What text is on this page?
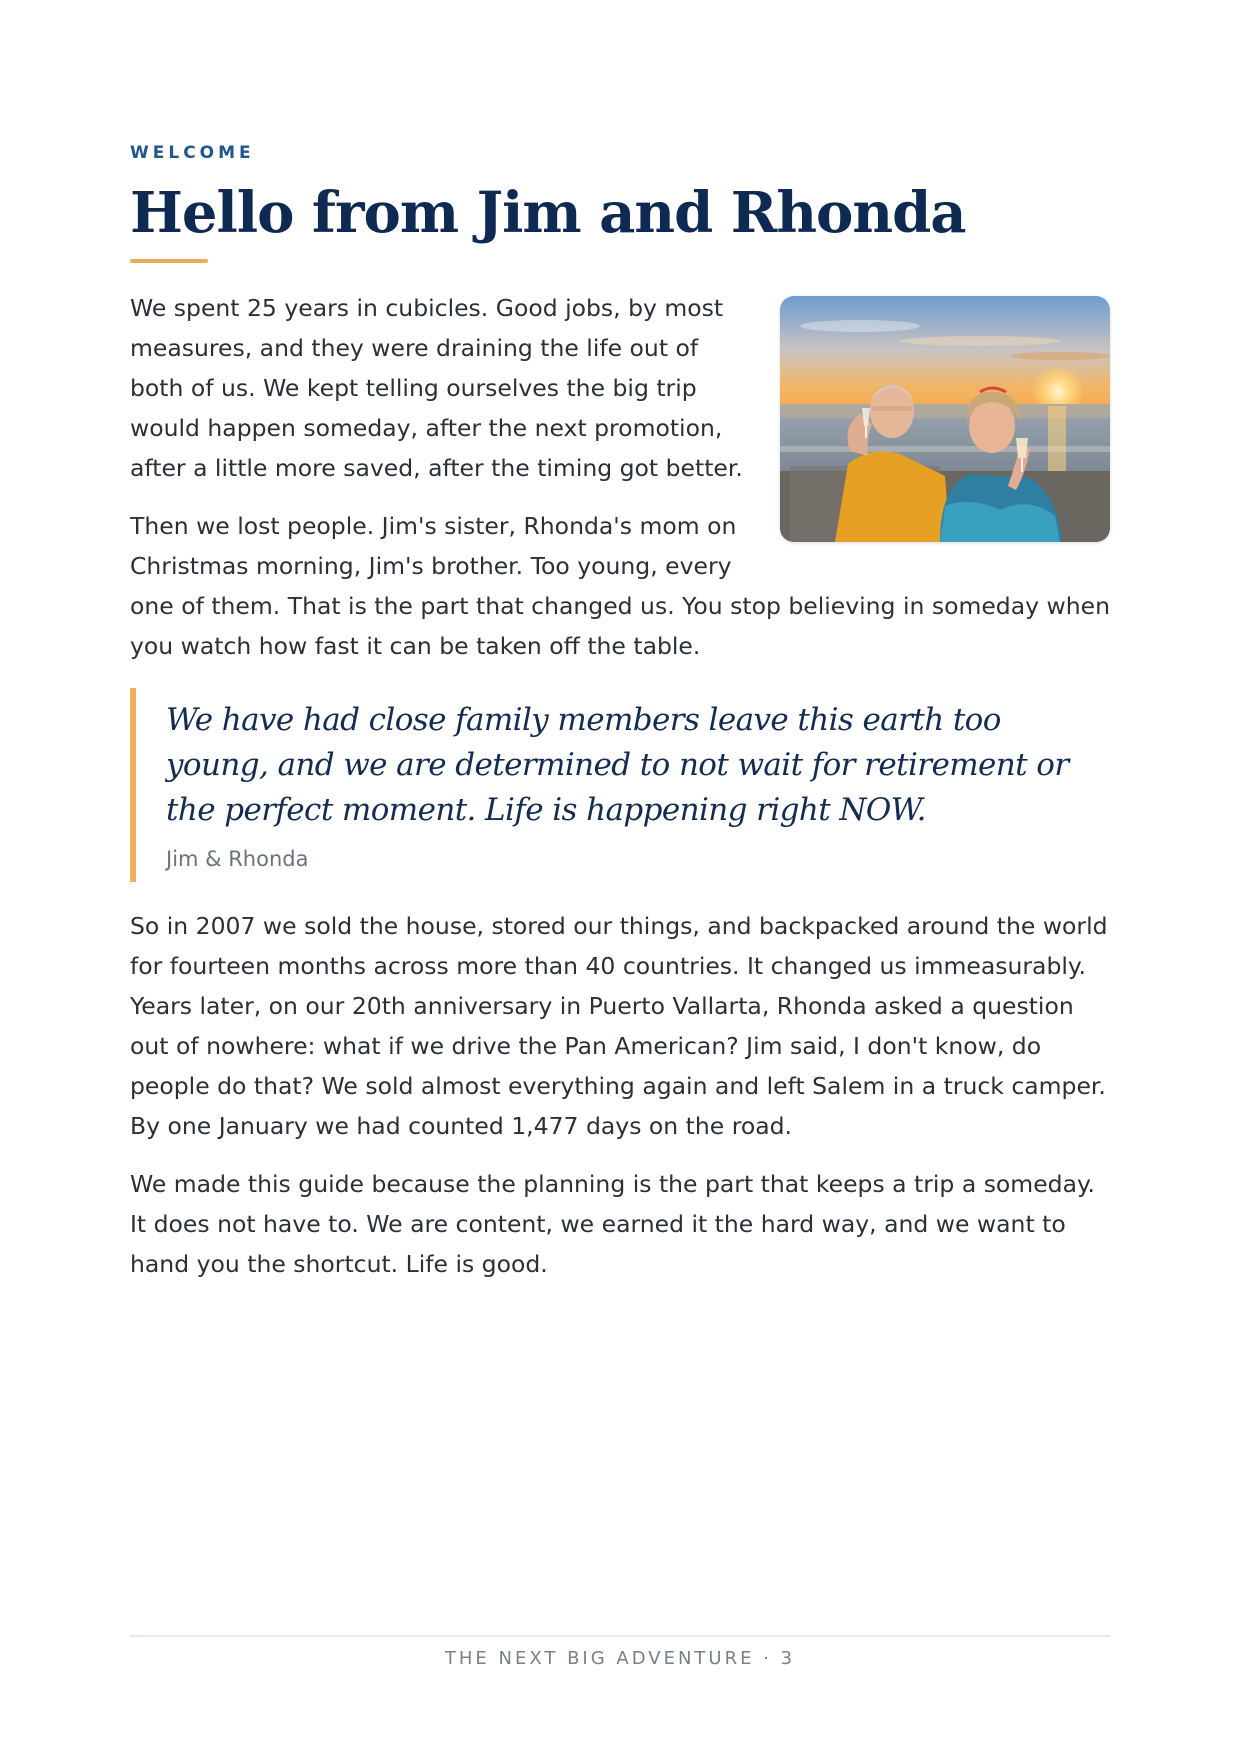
WELCOME
Hello from Jim and Rhonda

We spent 25 years in cubicles. Good jobs, by most measures, and they were draining the life out of both of us. We kept telling ourselves the big trip would happen someday, after the next promotion, after a little more saved, after the timing got better.

Then we lost people. Jim's sister, Rhonda's mom on Christmas morning, Jim's brother. Too young, every one of them. That is the part that changed us. You stop believing in someday when you watch how fast it can be taken off the table.

We have had close family members leave this earth too young, and we are determined to not wait for retirement or the perfect moment. Life is happening right NOW.

Jim & Rhonda

So in 2007 we sold the house, stored our things, and backpacked around the world for fourteen months across more than 40 countries. It changed us immeasurably. Years later, on our 20th anniversary in Puerto Vallarta, Rhonda asked a question out of nowhere: what if we drive the Pan American? Jim said, I don't know, do people do that? We sold almost everything again and left Salem in a truck camper. By one January we had counted 1,477 days on the road.

We made this guide because the planning is the part that keeps a trip a someday. It does not have to. We are content, we earned it the hard way, and we want to hand you the shortcut. Life is good.

THE NEXT BIG ADVENTURE · 3
